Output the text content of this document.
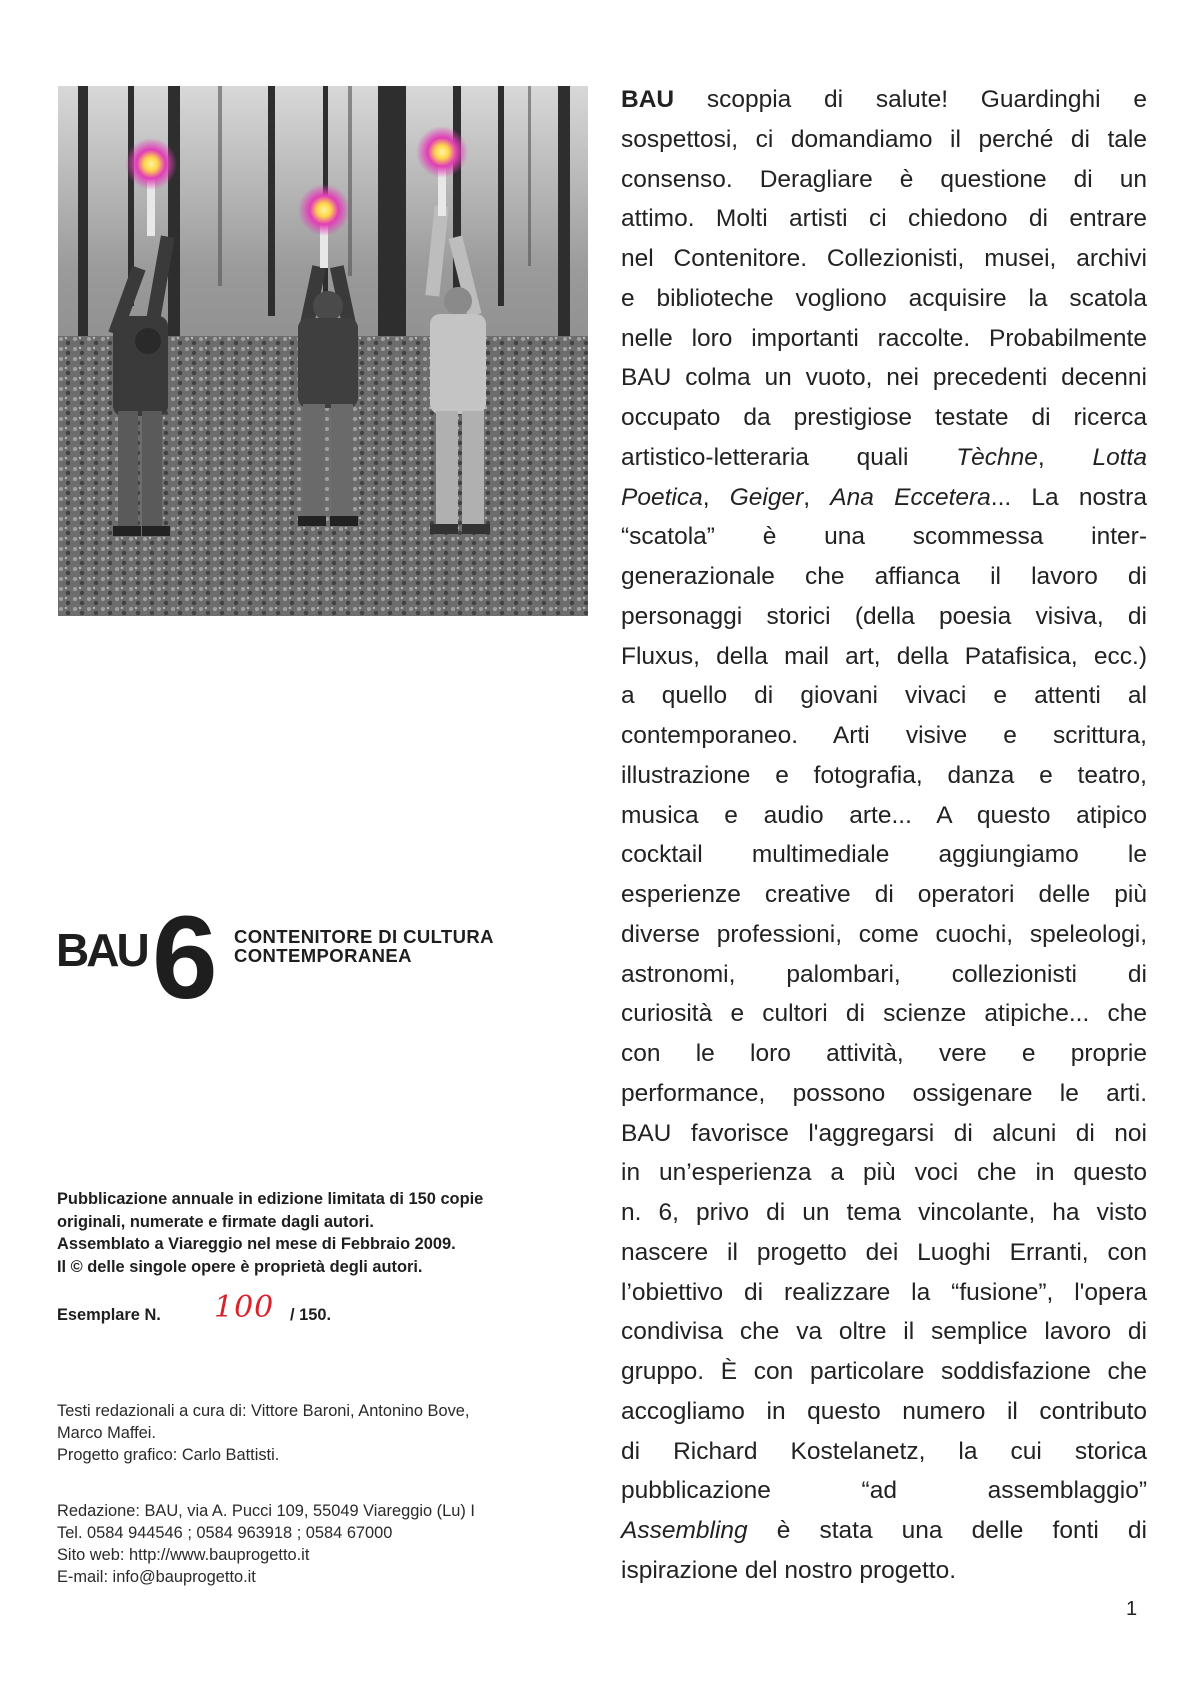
BAU 6 CONTENITORE DI CULTURA
CONTEMPORANEA
Pubblicazione annuale in edizione limitata di 150 copie
originali, numerate e firmate dagli autori.
Assemblato a Viareggio nel mese di Febbraio 2009.
Il © delle singole opere è proprietà degli autori.
Esemplare N. 100 / 150.
Testi redazionali a cura di: Vittore Baroni, Antonino Bove,
Marco Maffei.
Progetto grafico: Carlo Battisti.
Redazione: BAU, via A. Pucci 109, 55049 Viareggio (Lu) I
Tel. 0584 944546 ; 0584 963918 ; 0584 67000
Sito web: http://www.bauprogetto.it
E-mail: info@bauprogetto.it
BAU scoppia di salute! Guardinghi e
sospettosi, ci domandiamo il perché di tale
consenso. Deragliare è questione di un
attimo. Molti artisti ci chiedono di entrare
nel Contenitore. Collezionisti, musei, archivi
e biblioteche vogliono acquisire la scatola
nelle loro importanti raccolte. Probabilmente
BAU colma un vuoto, nei precedenti decenni
occupato da prestigiose testate di ricerca
artistico-letteraria quali Tèchne, Lotta
Poetica, Geiger, Ana Eccetera... La nostra
“scatola” è una scommessa inter-
generazionale che affianca il lavoro di
personaggi storici (della poesia visiva, di
Fluxus, della mail art, della Patafisica, ecc.)
a quello di giovani vivaci e attenti al
contemporaneo. Arti visive e scrittura,
illustrazione e fotografia, danza e teatro,
musica e audio arte... A questo atipico
cocktail multimediale aggiungiamo le
esperienze creative di operatori delle più
diverse professioni, come cuochi, speleologi,
astronomi, palombari, collezionisti di
curiosità e cultori di scienze atipiche... che
con le loro attività, vere e proprie
performance, possono ossigenare le arti.
BAU favorisce l'aggregarsi di alcuni di noi
in un’esperienza a più voci che in questo
n. 6, privo di un tema vincolante, ha visto
nascere il progetto dei Luoghi Erranti, con
l’obiettivo di realizzare la “fusione”, l'opera
condivisa che va oltre il semplice lavoro di
gruppo. È con particolare soddisfazione che
accogliamo in questo numero il contributo
di Richard Kostelanetz, la cui storica
pubblicazione “ad assemblaggio”
Assembling è stata una delle fonti di
ispirazione del nostro progetto.
1
